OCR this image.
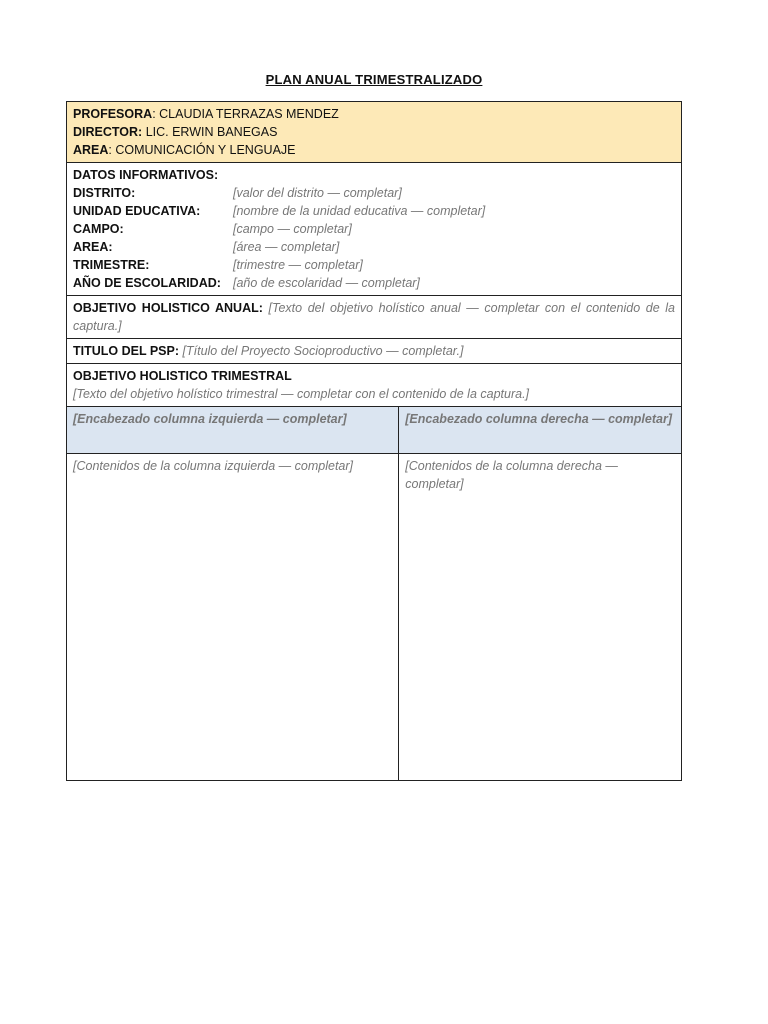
PLAN ANUAL TRIMESTRALIZADO
PROFESORA: CLAUDIA TERRAZAS MENDEZ
DIRECTOR: LIC. ERWIN BANEGAS
AREA: COMUNICACIÓN Y LENGUAJE
DATOS INFORMATIVOS:
DISTRITO:	[valor del distrito — completar]
UNIDAD EDUCATIVA:	[nombre de la unidad educativa — completar]
CAMPO:	[campo — completar]
AREA:	[área — completar]
TRIMESTRE:	[trimestre — completar]
AÑO DE ESCOLARIDAD: [año de escolaridad — completar]
OBJETIVO HOLISTICO ANUAL: [Texto del objetivo holístico anual — completar con el contenido de la captura.]
TITULO DEL PSP: [Título del Proyecto Socioproductivo — completar.]
OBJETIVO HOLISTICO TRIMESTRAL
[Texto del objetivo holístico trimestral — completar con el contenido de la captura.]
[Encabezado columna izquierda — completar]	[Encabezado columna derecha — completar]
[Contenidos de la columna izquierda — completar]	[Contenidos de la columna derecha — completar]
